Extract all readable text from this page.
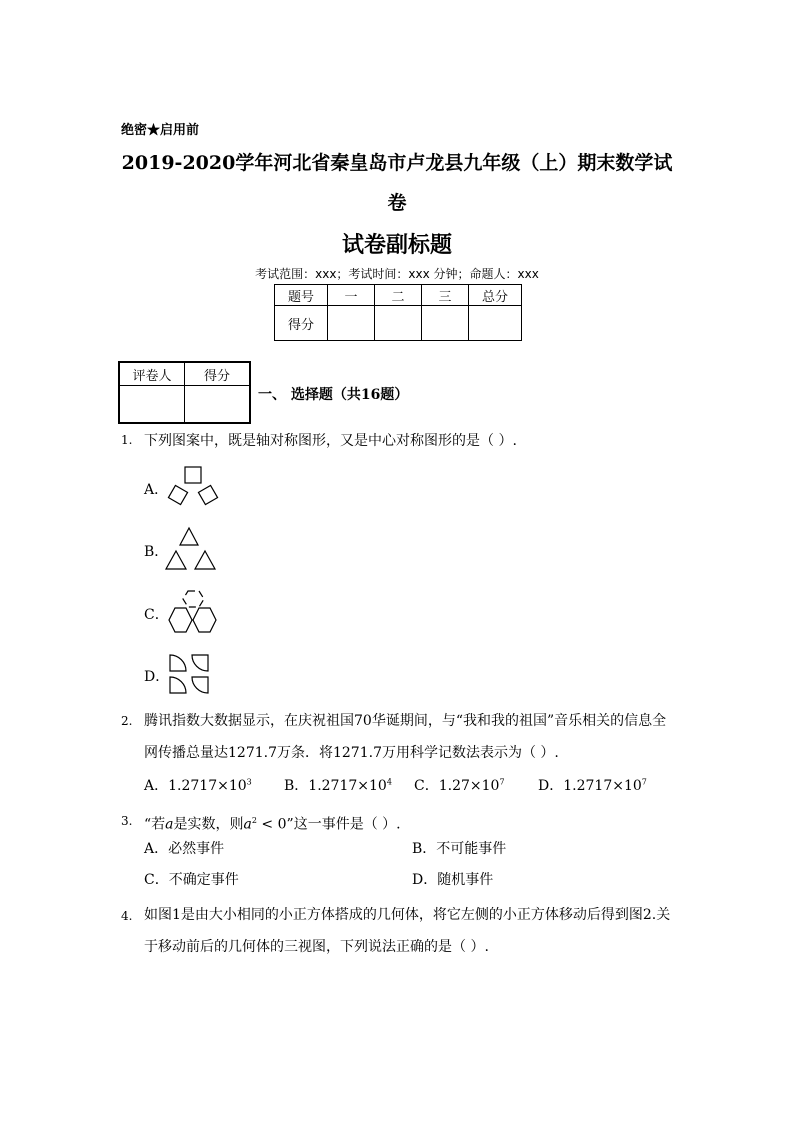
绝密★启用前
2019-2020学年河北省秦皇岛市卢龙县九年级（上）期末数学试
卷
试卷副标题
考试范围：xxx；考试时间：xxx 分钟；命题人：xxx
题号	一	二	三	总分
得分				
评卷人	得分

一、 选择题（共16题）
1. 下列图案中，既是轴对称图形，又是中心对称图形的是（ ）.
A．
B．
C．
D．
2. 腾讯指数大数据显示，在庆祝祖国70华诞期间，与“我和我的祖国”音乐相关的信息全
网传播总量达1271.7万条．将1271.7万用科学记数法表示为（ ）.
A．$1.2717\times 10^3$ B．$1.2717\times 10^4$ C．$1.27\times 10^7$ D．$1.2717\times 10^7$
3. “若a是实数，则$a^2 < 0$”这一事件是（ ）.
A．必然事件	B．不可能事件
C．不确定事件	D．随机事件
4. 如图1是由大小相同的小正方体搭成的几何体，将它左侧的小正方体移动后得到图2.关
于移动前后的几何体的三视图，下列说法正确的是（ ）.
